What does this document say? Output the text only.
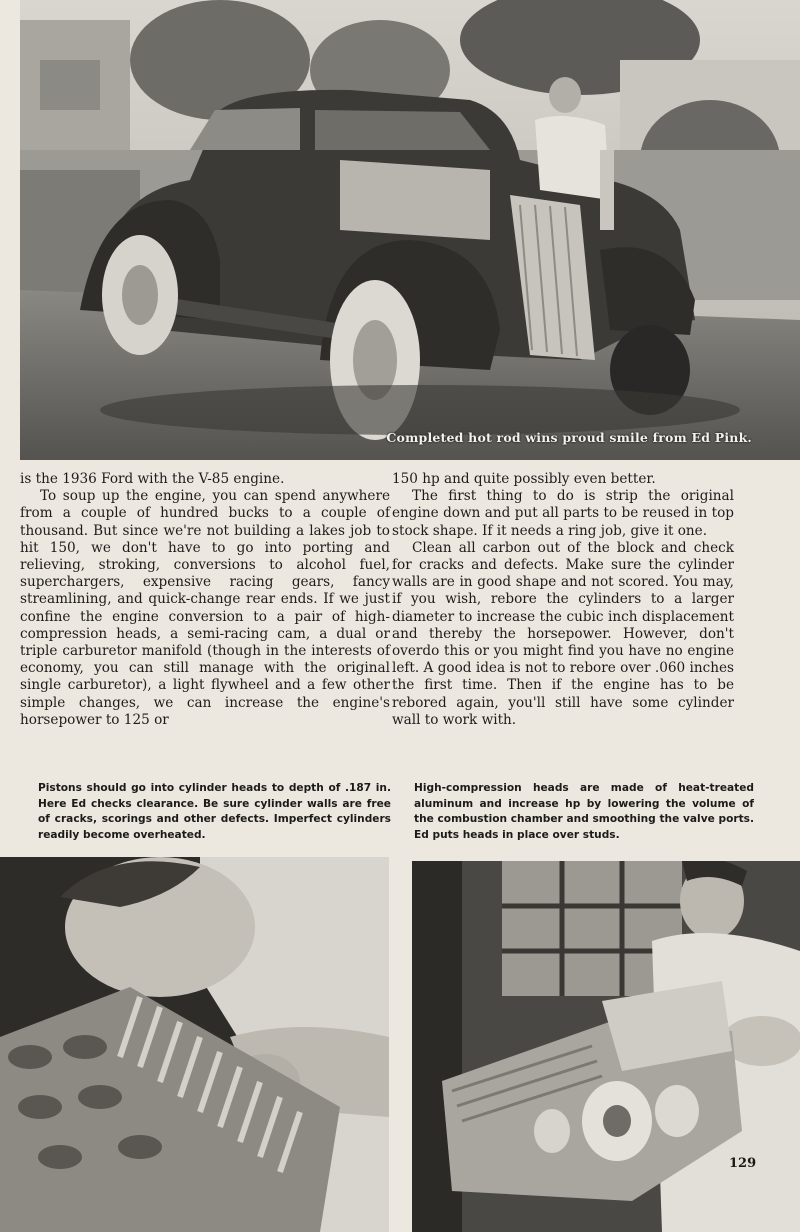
Completed hot rod wins proud smile from Ed Pink.

is the 1936 Ford with the V-85 engine.

To soup up the engine, you can spend anywhere from a couple of hundred bucks to a couple of thousand. But since we're not building a lakes job to hit 150, we don't have to go into porting and relieving, stroking, conversions to alcohol fuel, superchargers, expensive racing gears, fancy streamlining, and quick-change rear ends. If we just confine the engine conversion to a pair of high-compression heads, a semi-racing cam, a dual or triple carburetor manifold (though in the interests of economy, you can still manage with the original single carburetor), a light flywheel and a few other simple changes, we can increase the engine's horsepower to 125 or

150 hp and quite possibly even better.

The first thing to do is strip the original engine down and put all parts to be reused in top stock shape. If it needs a ring job, give it one.

Clean all carbon out of the block and check for cracks and defects. Make sure the cylinder walls are in good shape and not scored. You may, if you wish, rebore the cylinders to a larger diameter to increase the cubic inch displacement and thereby the horsepower. However, don't overdo this or you might find you have no engine left. A good idea is not to rebore over .060 inches the first time. Then if the engine has to be rebored again, you'll still have some cylinder wall to work with.

Pistons should go into cylinder heads to depth of .187 in. Here Ed checks clearance. Be sure cylinder walls are free of cracks, scorings and other defects. Imperfect cylinders readily become overheated.
High-compression heads are made of heat-treated aluminum and increase hp by lowering the volume of the combustion chamber and smoothing the valve ports. Ed puts heads in place over studs.
129
